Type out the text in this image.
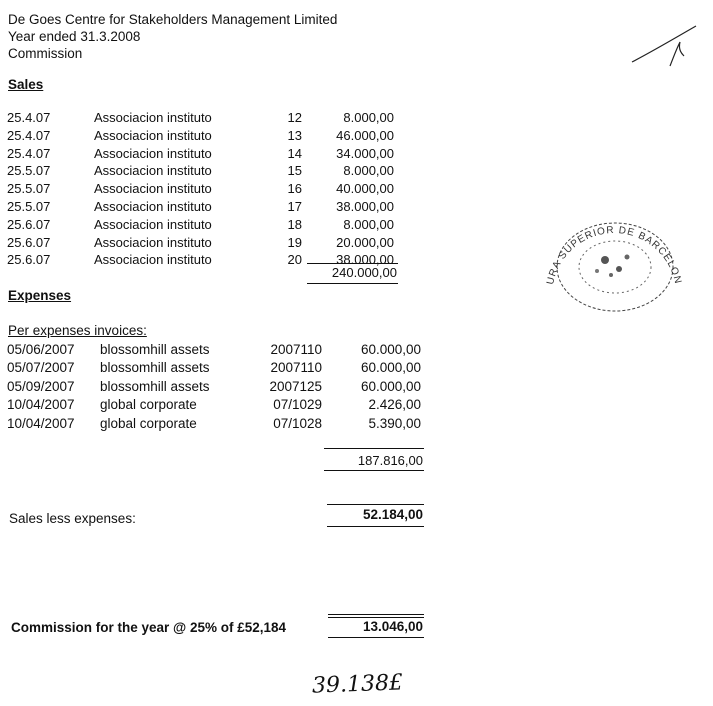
De Goes Centre for Stakeholders Management Limited
Year ended 31.3.2008
Commission
Sales
25.4.07	Associacion instituto	12	8.000,00
25.4.07	Associacion instituto	13	46.000,00
25.4.07	Associacion instituto	14	34.000,00
25.5.07	Associacion instituto	15	8.000,00
25.5.07	Associacion instituto	16	40.000,00
25.5.07	Associacion instituto	17	38.000,00
25.6.07	Associacion instituto	18	8.000,00
25.6.07	Associacion instituto	19	20.000,00
25.6.07	Associacion instituto	20	38.000,00
240.000,00
URA SUPERIOR DE BARCELONA
Expenses
Per expenses invoices:
05/06/2007 blossomhill assets	2007110	60.000,00
05/07/2007 blossomhill assets	2007110	60.000,00
05/09/2007 blossomhill assets	2007125	60.000,00
10/04/2007 global corporate	07/1029	2.426,00
10/04/2007 global corporate	07/1028	5.390,00
187.816,00
Sales less expenses:	52.184,00
Commission for the year @ 25% of £52,184	13.046,00
39.138£
